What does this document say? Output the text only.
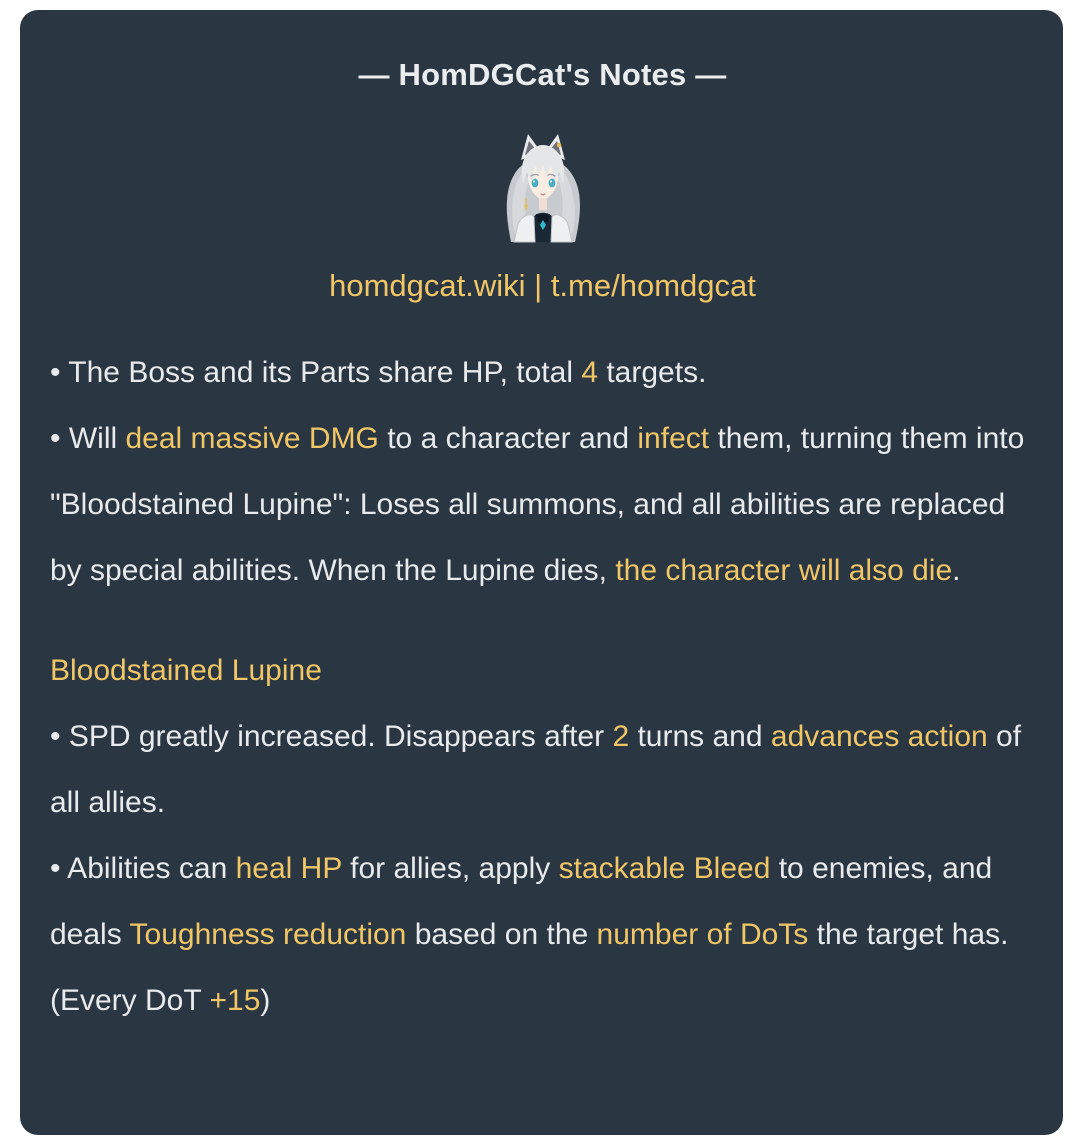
— HomDGCat's Notes —
homdgcat.wiki | t.me/homdgcat

• The Boss and its Parts share HP, total 4 targets.

• Will deal massive DMG to a character and infect them, turning them into "Bloodstained Lupine": Loses all summons, and all abilities are replaced by special abilities. When the Lupine dies, the character will also die.

Bloodstained Lupine

• SPD greatly increased. Disappears after 2 turns and advances action of all allies.

• Abilities can heal HP for allies, apply stackable Bleed to enemies, and deals Toughness reduction based on the number of DoTs the target has. (Every DoT +15)
